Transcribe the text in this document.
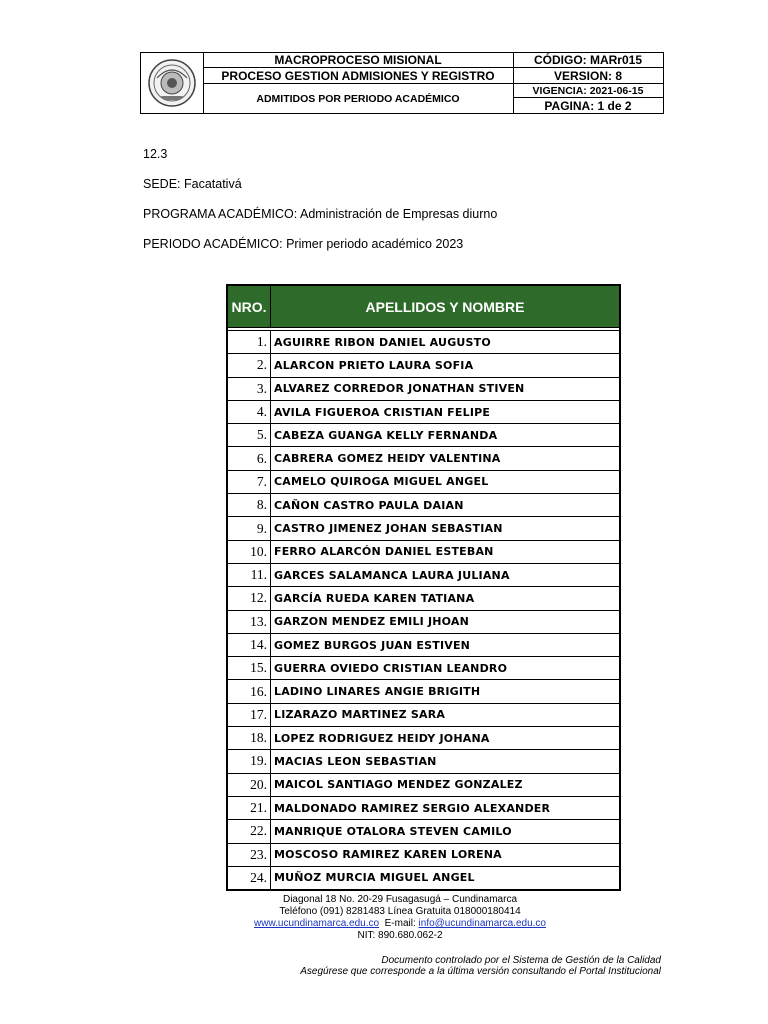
MACROPROCESO MISIONAL
PROCESO GESTION ADMISIONES Y REGISTRO
ADMITIDOS POR PERIODO ACADÉMICO
CÓDIGO: MARr015
VERSION: 8
VIGENCIA: 2021-06-15
PAGINA: 1 de 2
12.3
SEDE: Facatativá
PROGRAMA ACADÉMICO: Administración de Empresas diurno
PERIODO ACADÉMICO: Primer periodo académico 2023
NRO.	APELLIDOS Y NOMBRE

1.	AGUIRRE RIBON DANIEL AUGUSTO
2.	ALARCON PRIETO LAURA SOFIA
3.	ALVAREZ CORREDOR JONATHAN STIVEN
4.	AVILA FIGUEROA CRISTIAN FELIPE
5.	CABEZA GUANGA KELLY FERNANDA
6.	CABRERA GOMEZ HEIDY VALENTINA
7.	CAMELO QUIROGA MIGUEL ANGEL
8.	CAÑON CASTRO PAULA DAIAN
9.	CASTRO JIMENEZ JOHAN SEBASTIAN
10.	FERRO ALARCÓN DANIEL ESTEBAN
11.	GARCES SALAMANCA LAURA JULIANA
12.	GARCÍA RUEDA KAREN TATIANA
13.	GARZON MENDEZ EMILI JHOAN
14.	GOMEZ BURGOS JUAN ESTIVEN
15.	GUERRA OVIEDO CRISTIAN LEANDRO
16.	LADINO LINARES ANGIE BRIGITH
17.	LIZARAZO MARTINEZ SARA
18.	LOPEZ RODRIGUEZ HEIDY JOHANA
19.	MACIAS LEON SEBASTIAN
20.	MAICOL SANTIAGO MENDEZ GONZALEZ
21.	MALDONADO RAMIREZ SERGIO ALEXANDER
22.	MANRIQUE OTALORA STEVEN CAMILO
23.	MOSCOSO RAMIREZ KAREN LORENA
24.	MUÑOZ MURCIA MIGUEL ANGEL
Diagonal 18 No. 20-29 Fusagasugá – Cundinamarca
Teléfono (091) 8281483 Línea Gratuita 018000180414
www.ucundinamarca.edu.co  E-mail: info@ucundinamarca.edu.co
NIT: 890.680.062-2
Documento controlado por el Sistema de Gestión de la Calidad
Asegúrese que corresponde a la última versión consultando el Portal Institucional
